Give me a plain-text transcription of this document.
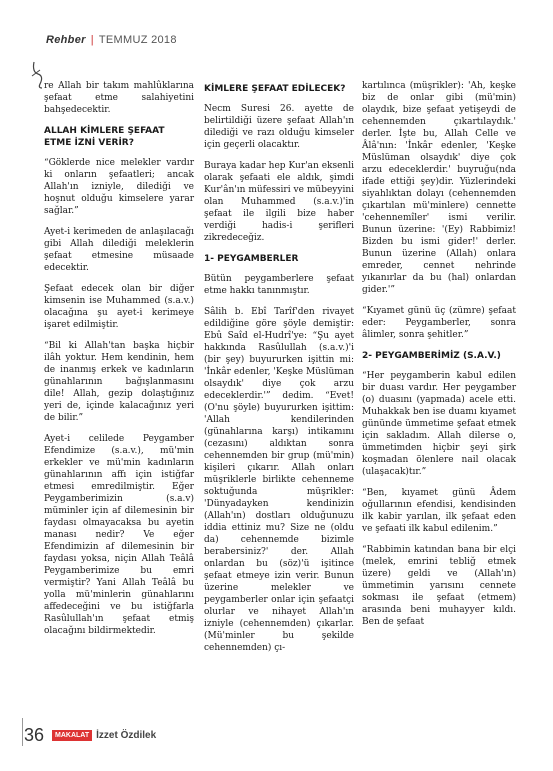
Rehber | TEMMUZ 2018

re Allah bir takım mahlûklarına şefaat etme salahiyetini bahşedecektir.

ALLAH KİMLERE ŞEFAAT ETME İZNİ VERİR?

“Göklerde nice melekler vardır ki onların şefaatleri; ancak Allah'ın izniyle, dilediği ve hoşnut olduğu kimselere yarar sağlar.”

Ayet-i kerimeden de anlaşılacağı gibi Allah dilediği meleklerin şefaat etmesine müsaade edecektir.

Şefaat edecek olan bir diğer kimsenin ise Muhammed (s.a.v.) olacağına şu ayet-i kerimeye işaret edilmiştir.

“Bil ki Allah'tan başka hiçbir ilâh yoktur. Hem kendinin, hem de inanmış erkek ve kadınların günahlarının bağışlanmasını dile! Allah, gezip dolaştığınız yeri de, içinde kalacağınız yeri de bilir.”

Ayet-i celilede Peygamber Efendimize (s.a.v.), mü'min erkekler ve mü'min kadınların günahlarının affı için istiğfar etmesi emredilmiştir. Eğer Peygamberimizin (s.a.v) müminler için af dilemesinin bir faydası olmayacaksa bu ayetin manası nedir? Ve eğer Efendimizin af dilemesinin bir faydası yoksa, niçin Allah Teâlâ Peygamberimize bu emri vermiştir? Yani Allah Teâlâ bu yolla mü'minlerin günahlarını affedeceğini ve bu istiğfarla Rasûlullah'ın şefaat etmiş olacağını bildirmektedir.

KİMLERE ŞEFAAT EDİLECEK?

Necm Suresi 26. ayette de belirtildiği üzere şefaat Allah'ın dilediği ve razı olduğu kimseler için geçerli olacaktır.

Buraya kadar hep Kur'an eksenli olarak şefaati ele aldık, şimdi Kur'ân'ın müfessiri ve mübeyyini olan Muhammed (s.a.v.)'in şefaat ile ilgili bize haber verdiği hadis-i şerifleri zikredeceğiz.

1- PEYGAMBERLER

Bütün peygamberlere şefaat etme hakkı tanınmıştır.

Sâlih b. Ebî Tarîf'den rivayet edildiğine göre şöyle demiştir: Ebû Saîd el-Hudrî'ye: “Şu ayet hakkında Rasûlullah (s.a.v.)'i (bir şey) buyururken işittin mi: 'İnkâr edenler, 'Keşke Müslüman olsaydık' diye çok arzu edeceklerdir.'” dedim. “Evet! (O'nu şöyle) buyururken işittim: 'Allah kendilerinden (günahlarına karşı) intikamını (cezasını) aldıktan sonra cehennemden bir grup (mü'min) kişileri çıkarır. Allah onları müşriklerle birlikte cehenneme soktuğunda müşrikler: 'Dünyadayken kendinizin (Allah'ın) dostları olduğunuzu iddia ettiniz mu? Size ne (oldu da) cehennemde bizimle berabersiniz?' der. Allah onlardan bu (söz)'ü işitince şefaat etmeye izin verir. Bunun üzerine melekler ve peygamberler onlar için şefaatçi olurlar ve nihayet Allah'ın izniyle (cehennemden) çıkarlar. (Mü'minler bu şekilde cehennemden) çı-

kartılınca (müşrikler): 'Ah, keşke biz de onlar gibi (mü'min) olaydık, bize şefaat yetişeydi de cehennemden çıkartılaydık.' derler. İşte bu, Allah Celle ve Âlâ'nın: 'İnkâr edenler, 'Keşke Müslüman olsaydık' diye çok arzu edeceklerdir.' buyruğu(nda ifade ettiği şey)dir. Yüzlerindeki siyahlıktan dolayı (cehennemden çıkartılan mü'minlere) cennette 'cehennemîler' ismi verilir. Bunun üzerine: '(Ey) Rabbimiz! Bizden bu ismi gider!' derler. Bunun üzerine (Allah) onlara emreder, cennet nehrinde yıkanırlar da bu (hal) onlardan gider.'”

“Kıyamet günü üç (zümre) şefaat eder: Peygamberler, sonra âlimler, sonra şehitler.”

2- PEYGAMBERİMİZ (S.A.V.)

“Her peygamberin kabul edilen bir duası vardır. Her peygamber (o) duasını (yapmada) acele etti. Muhakkak ben ise duamı kıyamet gününde ümmetime şefaat etmek için sakladım. Allah dilerse o, ümmetimden hiçbir şeyi şirk koşmadan ölenlere nail olacak (ulaşacak)tır.”

“Ben, kıyamet günü Âdem oğullarının efendisi, kendisinden ilk kabir yarılan, ilk şefaat eden ve şefaati ilk kabul edilenim.”

“Rabbimin katından bana bir elçi (melek, emrini tebliğ etmek üzere) geldi ve (Allah'ın) ümmetimin yarısını cennete sokması ile şefaat (etmem) arasında beni muhayyer kıldı. Ben de şefaat

36	MAKALAT İzzet Özdilek
